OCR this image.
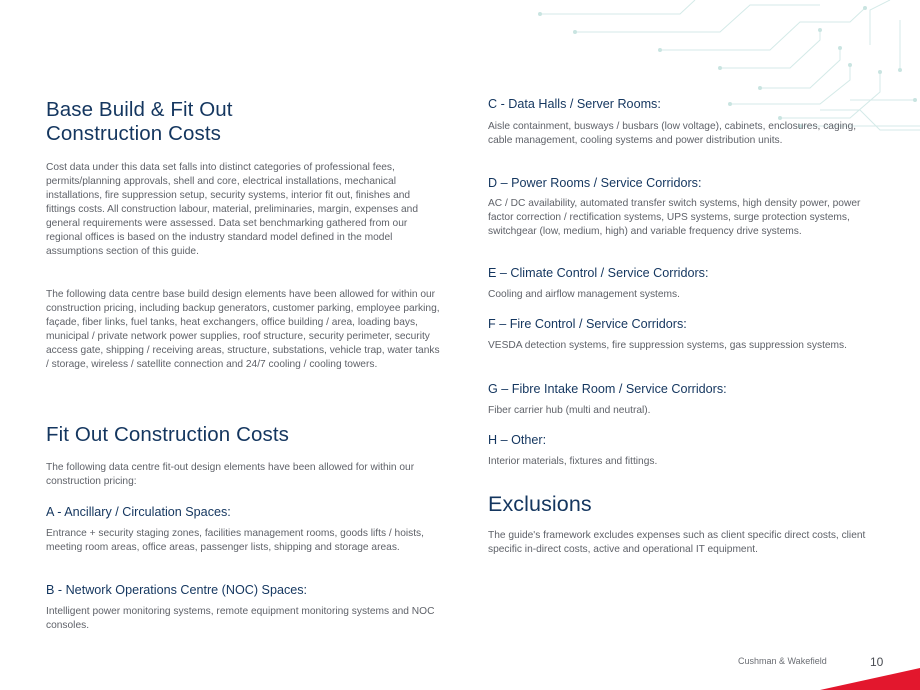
Base Build & Fit Out
Construction Costs

Cost data under this data set falls into distinct categories of professional fees, permits/planning approvals, shell and core, electrical installations, mechanical installations, fire suppression setup, security systems, interior fit out, finishes and fittings costs. All construction labour, material, preliminaries, margin, expenses and general requirements were assessed. Data set benchmarking gathered from our regional offices is based on the industry standard model defined in the model assumptions section of this guide.

The following data centre base build design elements have been allowed for within our construction pricing, including backup generators, customer parking, employee parking, façade, fiber links, fuel tanks, heat exchangers, office building / area, loading bays, municipal / private network power supplies, roof structure, security perimeter, security access gate, shipping / receiving areas, structure, substations, vehicle trap, water tanks / storage, wireless / satellite connection and 24/7 cooling / cooling towers.

Fit Out Construction Costs

The following data centre fit-out design elements have been allowed for within our construction pricing:

A - Ancillary / Circulation Spaces:

Entrance + security staging zones, facilities management rooms, goods lifts / hoists, meeting room areas, office areas, passenger lists, shipping and storage areas.

B - Network Operations Centre (NOC) Spaces:

Intelligent power monitoring systems, remote equipment monitoring systems and NOC consoles.

C - Data Halls / Server Rooms:

Aisle containment, busways / busbars (low voltage), cabinets, enclosures, caging, cable management, cooling systems and power distribution units.

D – Power Rooms / Service Corridors:

AC / DC availability, automated transfer switch systems, high density power, power factor correction / rectification systems, UPS systems, surge protection systems, switchgear (low, medium, high) and variable frequency drive systems.

E – Climate Control / Service Corridors:

Cooling and airflow management systems.

F – Fire Control / Service Corridors:

VESDA detection systems, fire suppression systems, gas suppression systems.

G – Fibre Intake Room / Service Corridors:

Fiber carrier hub (multi and neutral).

H – Other:

Interior materials, fixtures and fittings.

Exclusions

The guide's framework excludes expenses such as client specific direct costs, client specific in-direct costs, active and operational IT equipment.

Cushman & Wakefield	10
